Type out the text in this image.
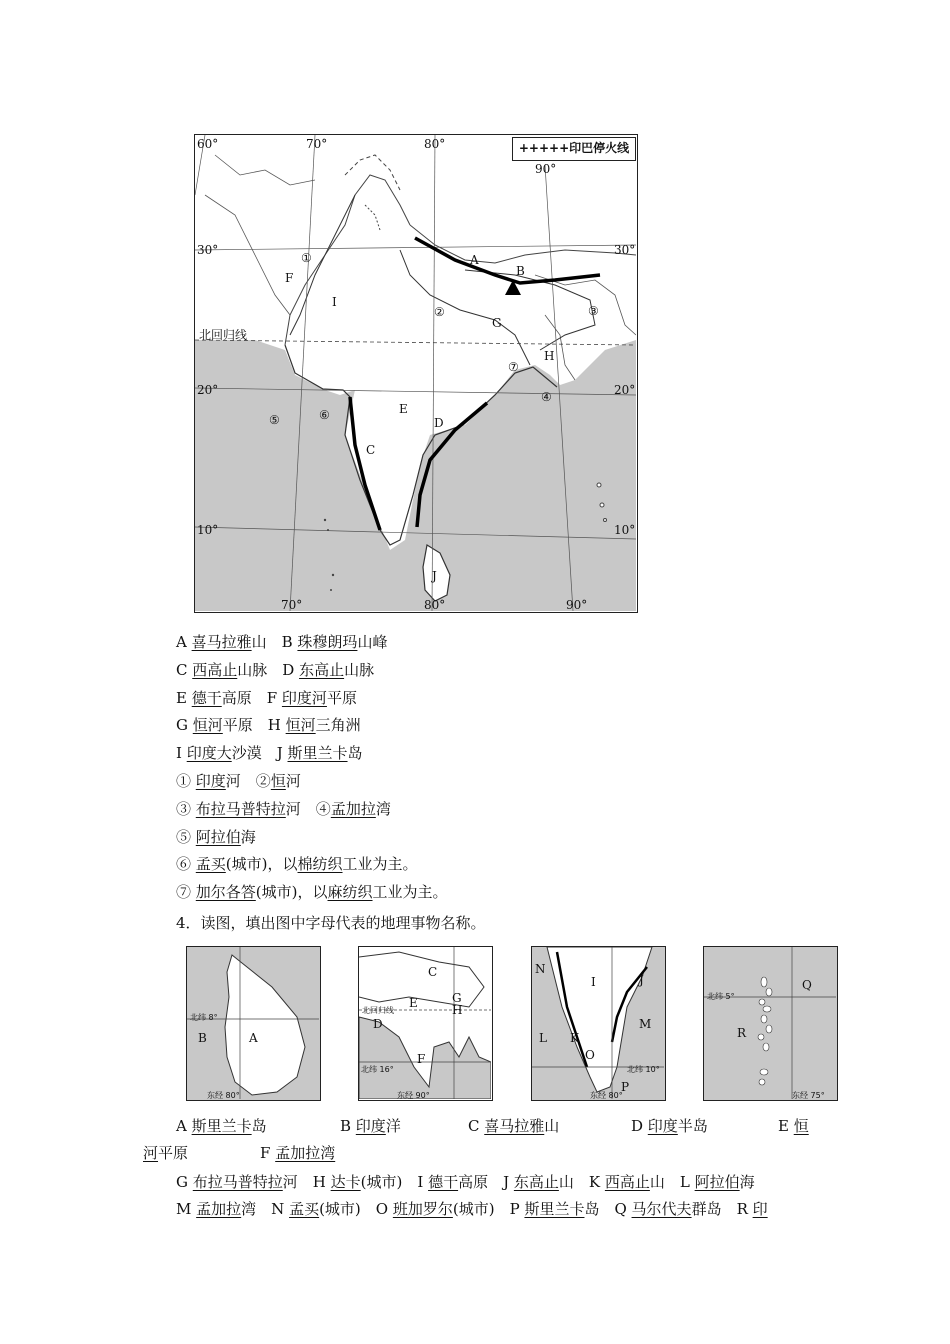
+++++印巴停火线
60°	70°	80°
90°
70°	80°	90°
30°
20°
10°
30°
20°
10°
北回归线
A
B
C
D
E
F
G
H
I
J
①
②	③
④
⑤	⑥
⑦
A 喜马拉雅山　B 珠穆朗玛山峰
C 西高止山脉　D 东高止山脉
E 德干高原　F 印度河平原
G 恒河平原　H 恒河三角洲
I 印度大沙漠　J 斯里兰卡岛
① 印度河　②恒河
③ 布拉马普特拉河　④孟加拉湾
⑤ 阿拉伯海
⑥ 孟买(城市)，以棉纺织工业为主。
⑦ 加尔各答(城市)，以麻纺织工业为主。
4．读图，填出图中字母代表的地理事物名称。
北纬 8°
东经 80°
A
B
北回归线
北纬 16°
东经 90°
C
D
E
F
G
H
N
I	J
L K
M
O
P
北纬 10°
东经 80°
北纬 5°
东经 75°
Q
R
A 斯里兰卡岛	B 印度洋	C 喜马拉雅山	D 印度半岛	E 恒
河平原	F 孟加拉湾
G 布拉马普特拉河　H 达卡(城市)　I 德干高原　J 东高止山　K 西高止山　L 阿拉伯海
M 孟加拉湾　N 孟买(城市)　O 班加罗尔(城市)　P 斯里兰卡岛　Q 马尔代夫群岛　R 印
